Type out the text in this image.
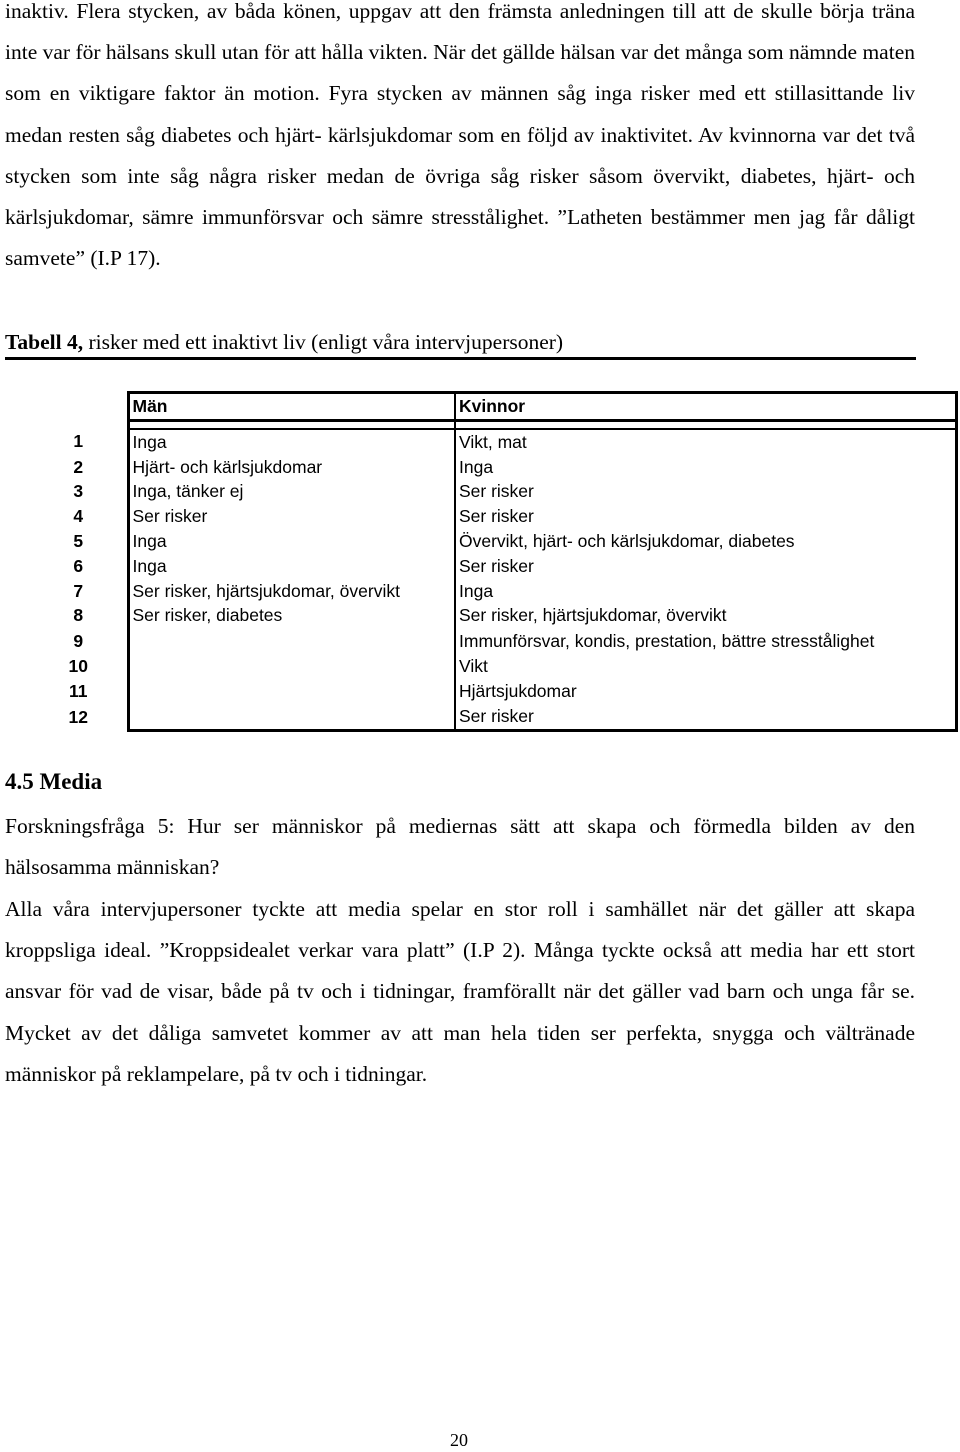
inaktiv. Flera stycken, av båda könen, uppgav att den främsta anledningen till att de skulle börja träna inte var för hälsans skull utan för att hålla vikten. När det gällde hälsan var det många som nämnde maten som en viktigare faktor än motion. Fyra stycken av männen såg inga risker med ett stillasittande liv medan resten såg diabetes och hjärt- kärlsjukdomar som en följd av inaktivitet. Av kvinnorna var det två stycken som inte såg några risker medan de övriga såg risker såsom övervikt, diabetes, hjärt- och kärlsjukdomar, sämre immunförsvar och sämre stresstålighet. ”Latheten bestämmer men jag får dåligt samvete” (I.P 17).

Tabell 4, risker med ett inaktivt liv (enligt våra intervjupersoner)

	Män	Kvinnor

1	Inga	Vikt, mat
2	Hjärt- och kärlsjukdomar	Inga
3	Inga, tänker ej	Ser risker
4	Ser risker	Ser risker
5	Inga	Övervikt, hjärt- och kärlsjukdomar, diabetes
6	Inga	Ser risker
7	Ser risker, hjärtsjukdomar, övervikt	Inga
8	Ser risker, diabetes	Ser risker, hjärtsjukdomar, övervikt
9		Immunförsvar, kondis, prestation, bättre stresstålighet
10		Vikt
11		Hjärtsjukdomar
12		Ser risker
4.5 Media

Forskningsfråga 5: Hur ser människor på mediernas sätt att skapa och förmedla bilden av den hälsosamma människan?

Alla våra intervjupersoner tyckte att media spelar en stor roll i samhället när det gäller att skapa kroppsliga ideal. ”Kroppsidealet verkar vara platt” (I.P 2). Många tyckte också att media har ett stort ansvar för vad de visar, både på tv och i tidningar, framförallt när det gäller vad barn och unga får se. Mycket av det dåliga samvetet kommer av att man hela tiden ser perfekta, snygga och vältränade människor på reklampelare, på tv och i tidningar.

20
